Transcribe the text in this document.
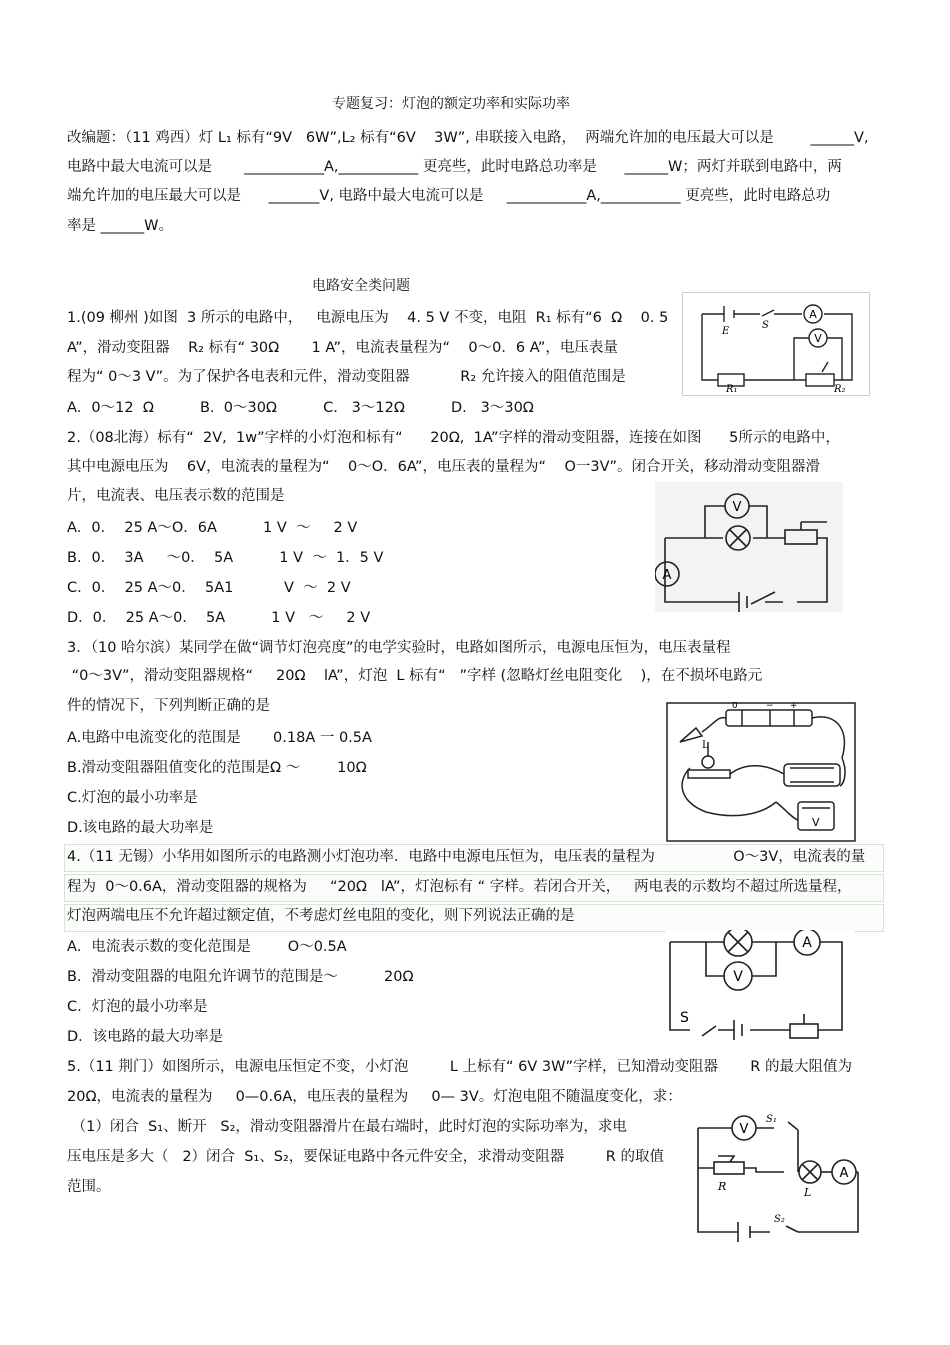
专题复习：灯泡的额定功率和实际功率
改编题：（11 鸡西）灯 L₁ 标有“9V   6W”,L₂ 标有“6V    3W”, 串联接入电路，  两端允许加的电压最大可以是        ______V,
电路中最大电流可以是       ___________A,___________ 更亮些，此时电路总功率是      ______W；两灯并联到电路中，两
端允许加的电压最大可以是      _______V, 电路中最大电流可以是     ___________A,___________ 更亮些，此时电路总功
率是 ______W。
电路安全类问题
1.(09 柳州 )如图  3 所示的电路中，   电源电压为    4. 5 V 不变，电阻  R₁ 标有“6  Ω    0. 5
A”，滑动变阻器    R₂ 标有“ 30Ω       1 A”，电流表量程为“    0～0．6 A”，电压表量
程为“ 0～3 V”。为了保护各电表和元件，滑动变阻器           R₂ 允许接入的阻值范围是
A．0～12  Ω          B.  0～30Ω          C.   3～12Ω          D.   3～30Ω
A
V
E
S
R₁	R₂
2.（08北海）标有“  2V,  1w”字样的小灯泡和标有“      20Ω,  1A”字样的滑动变阻器，连接在如图      5所示的电路中，
其中电源电压为    6V，电流表的量程为“    0～O．6A”，电压表的量程为“    O一3V”。闭合开关，移动滑动变阻器滑
片，电流表、电压表示数的范围是
A．0．  25 A～O．6A          1 V  ～     2 V
B．0．  3A     ～0．  5A          1 V  ～  1．5 V
C．0．  25 A～0．  5A1           V  ～  2 V
D．0．  25 A～0．  5A          1 V   ～     2 V
V
A
3．（10 哈尔滨）某同学在做“调节灯泡亮度”的电学实验时，电路如图所示，电源电压恒为，电压表量程
“0～3V”，滑动变阻器规格“     20Ω    lA”，灯泡  L 标有“   ”字样 (忽略灯丝电阻变化    )，在不损坏电路元
件的情况下，下列判断正确的是
A.电路中电流变化的范围是       0.18A 一 0.5A
B.滑动变阻器阻值变化的范围是Ω ～        10Ω
C.灯泡的最小功率是
D.该电路的最大功率是
L
0	− +
V
4.（11 无锡）小华用如图所示的电路测小灯泡功率．电路中电源电压恒为，电压表的量程为                 O～3V，电流表的量
程为  0～0.6A，滑动变阻器的规格为     “20Ω   lA”，灯泡标有 “ 字样。若闭合开关，   两电表的示数均不超过所选量程，
灯泡两端电压不允许超过额定值，不考虑灯丝电阻的变化，则下列说法正确的是
A．电流表示数的变化范围是        O～0.5A
B．滑动变阻器的电阻允许调节的范围是～          20Ω
C．灯泡的最小功率是
D．该电路的最大功率是
A
V
S
5.（11 荆门）如图所示，电源电压恒定不变，小灯泡         L 上标有“ 6V 3W”字样，已知滑动变阻器       R 的最大阻值为
20Ω，电流表的量程为     0—0.6A，电压表的量程为     0— 3V。灯泡电阻不随温度变化，求：
（1）闭合  S₁、断开   S₂，滑动变阻器滑片在最右端时，此时灯泡的实际功率为，求电
压电压是多大（   2）闭合  S₁、S₂，要保证电路中各元件安全，求滑动变阻器         R 的取值
范围。
V
S₁
R	L
A
S₂
